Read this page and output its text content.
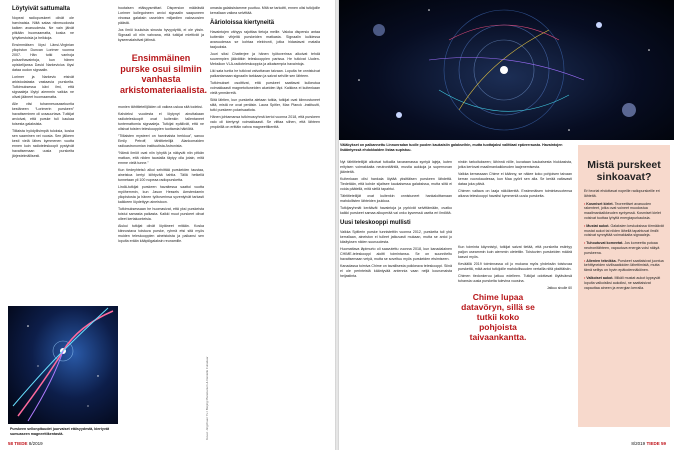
Löytyivät sattumalta

Nopeat radiopurskeet olivät ole harvinaisia. Niitä sataa niinmuodosta kaiken avaruudesta. Ne vain jäivät pitkään huomaamatta, koska ne lyhytkestoisia ja heikkoja.

Ensimmäisen löysi Länsi-Virginian yliopiston Duncan Lorimer vuonna 2007. Hän tutki vanhoja pulsarihavaintoja, kun hänen opiskelijansa David Narkevicius löysi dataa oudon signaalin.

Lorimer ja Narkevic etsivät arkistodatasta vastaavia purskeita. Tutkimuksessa kävi ilmi, että signaaleja löytyi aiemmin vaikka ne olivat jääneet huomaamatta.

Alle viisi tuhannesosasekuntia kestäneen “Lorimerin purskeen” havaitseminen oli uraauurtava. Tutkijat arvioivat, että purske tuli kaukaa toisesta galaksista.

Tiiliaista hyödyllisimpiä tuloksia, koska sen saaminen vei vuosia. Sen jälkeen kesti vielä lähes kymmenen vuotta ennen kuin radioteleskoopit pystyivät havaitsemaan uusia purskeita järjestelmällisesti.

Purskeen sellonpituudet juurvaiset etäisyydestä, kiertyvät sumuaseen magneettikentastä.

hootaisen etäisyysmittari. Dispersion määrästä Lorimer kollegoineen arvioi signaalin saapuneen vinossa galaksin usseiden miljardien valovuosien päästä.

Jos ilmiö kuuluisia sinusta hyvyydyttä, ei ole yksin. Signaali oli niin vahvana, että tutkijat miettivät ja kyseenalaistivat jätinsä.

Ensimmäinen purske osui silmiin vanhasta arkistomateriaalista.

monien tähtitieteilijöiden oli vaikea uskoa sitä todeksi.

Kahdeksi vuodesta ei löytynyt ainuttakaan radioteleskoopit ovat kuitenkin tallentaneet tuntemattomia signaaleja. Tutkijat epäilivät, että ne olisivat toisten teleskooppien tuottamia häiriöitä.

“Tiiliaisten mysteeri on harvinaista herkkua”, sanoo Emily Petroff, tähtitieteilijä Alankomaiden radioastronomian instituutista Astronista.

“Nämä ilmiöt ovat niin lyhyitä ja näkyvät niin pitkän matkan, että niiden taustalla täytyy olla jotain, mitä emme vielä tunne.”

Kun tiedeyhteisö alkoi selvittää purskeiden taustaa, aineistoa kertyi kiihtyvää tahtia. Tällä hetkellä tunnetaan yli 100 nopeaa radiopursketta.

Lindä-tutkijat purskeen havaitessa saattoi vuotta myöhemmin, kun Jason Hessels Amsterdamin yliopistosta ja hänen työtoverinsa syventyivät tarkasti kaikkeen löydettyyn aineistoon.

Tutkimuksessaan he huomasivat, että yksi purskeista toistui samasta paikasta. Kaikki muut purskeet olivat olleet kertaluonteisia.

Alukui tutkijat olivät löytäneet mitään. Koska kiinnostava toistuva purske, ryhmä etsi sitä myös muiden teleskooppien aineistoista ja paikansi sen lopulta erään kääpiögalaksin reunamille.

omasta galaksistamme puuttuu. Mitä se tarkoitti, ennen olisi tutkijoille kerrallaan vaikea selvittää.

Äärioloissa kiertyneitä

Havaintojen vähyys rajoittaa tietoja meille. Valoka dispersio antaa kuitenkin vihjeitä purskeiden matkasta. Signaalin kulkiessa avaruudessa se kohtaa elektronit, jotka hidastavat matalia taajuuksia.

Juuri siksi Chatterjee ja hänen työtoverinsa alkoivat tehdä suurempien jäävätkin teleskooppien parissa. He tutkivat Uuden-Meksikon VLA-radioteleskooppia ja aikaisempia havaintoja.

Liki sata tuntia he tutkivat valvottavan taivaan. Lopulta he onnistuivat paikantamaan signaalin tarkkaan ja saivat selville sen lähteen.

Tutkimukset osoittivat, että purskeet saattavat kulkeutua voimakkaasti magnetoituneiden alueiden läpi. Kaikkea ei kuitenkaan vielä ymmärretä.

Siitä lähtien, kun purskeita aletaan tutkia, tutkijat ovat kiinnostuneet siitä, mistä ne ovat peräisin. Laura Spitler, Max Planck -instituutti, tutki purskeen polarisaatiota.

Hänen johtamansa tutkimusryhmä kertoi vuonna 2018, että purskeen valo oli kiertynyt voimakkaasti. Se viittaa siihen, että lähteen ympärillä on erittäin vahva magneettikenttä.

Kuvat: Jingchuan Yu / Beijing Planetarium & Danielle Futselaar
58 TIEDE 8/2019
Väläbykset on paikannettu Linnunradan tuolle puolen kaukaisiin galakseihin, mutta tuottajaksi valittiaat epäverrausta. Havaintojen lisääntyessä ehdokkaiden listaa supistuu.

Nyt tähtitieteilijät alkoivat tutkailla tavaramassa syntyä lajeja, kuten erityisen voimakkaita neutronitähtiä, mustia aukkoja ja supernovan jäänteitä.

Kuitenkaan olisi hankala löytää yksittäisen purskeen lähdettä. Tiedetään, että kohde sijaitsee kaukaisessa galaksissa, mutta siitä ei voida päätellä, mitä siellä tapahtui.

Tähtitieteilijät ovat kuitenkin onnistuneet hankaloittamaan mahdollisten lähteiden joukkoa.

Tutkijaryhmät keräävät havaintoja ja pyrkivät selvittämään, ovatko kaikki purskeet samaa alkuperää vai onko kyseessä useita eri ilmiöitä.

Uusi teleskooppi mullisti

Vaikka Spitlerin purske tunnistettiin vuonna 2012, purskeita tuli yhä kerrallaan, aineiston ei tulleet jatkuvasti mukaan, mutta se antoi jo käsityksen niiden suuruudesta.

Huomattava läpimurto oli saavutettu vuonna 2018, kun kanadalainen CHIME-teleskooppi aloitti toimintansa. Se on suunniteltu havaitsemaan vetyä, mutta se soveltuu myös purskeiden etsimiseen.

Kanadassa toimiva Chime on tavallisesta poikkeava teleskooppi. Siinä ei ole perinteistä kääntyvää antennia vaan neljä kourumaista heijastinta.

Chime lupaa datavöryn, sillä se tutkii koko pohjoista taivaankantta.

ninkin tarkoitukseen; lähinnä niille, kuvataan kaukaisesta hiukkasista, jotka kertovat maailmankaikkeuden laajenemisesta.

Vaikka kerrassaan Chime ei käänny, se näkee koko pohjoisen taivaan kerran vuorokaudessa, kun Maa pyörii sen alla. Se kerää valtavasti dataa joka päivä.

Chimen valtava on laaja näkökenttä. Ensimmäisen toimintavuotensa aikana teleskooppi havaitsi kymmeniä uusia purskeita.

Kun toiminta käynnistyi, tutkijat saivat tietää, että purskeita esiintyy paljon useammin kuin aiemmin oletettiin. Toistuvien purskeiden määrä kasvoi myös.

Keväällä 2019 toiminnassa oli jo mukana myös yhdeksän toistuvaa purskettä, mikä antoi tutkijoille mahdollisuuden vertailla niitä yksittäisiin.

Chimen tiedonkeruu jatkuu edelleen. Tutkijat odottavat löytävänsä tuhansia uusia purskeita tulevina vuosina.

Jatkuu sivulle 60

Mistä purskeet sinkoavat?
Eri teoriat ehdottavat nopeille radiopurskeille eri lähteitä.
• Kosmiset kielet. Teoreettiset avaruuden rakenteet, jotka ovat voineet muodostua maailmankaikkeuden syntyessä. Kosmiset kielet voisivat tuottaa lyhyitä energiapurkauksia.
• Mustat aukot. Galaksien keskuksissa törmäävät mustat aukot tai niiden lähellä tapahtuvat ilmiöt voisivat synnyttää voimakkaita signaaleja.
• Tuhoutuvat komeetat. Jos komeetta putoaa neutronitähteen, vapautuva energia voisi näkyä purskeena.
• Alienien teknikka. Purskeet saattaisivat juontua kehittyneiden sivilisaatioiden lähettimistä, mutta tämä selitys on hyvin epätodennäköinen.
• Valkoiset aukot. Mikäli mustat aukot kypsyvät lopulta valkoisiksi aukoiksi, ne saattaisivat vapauttaa aineen ja energian kerralla.
8/2019 TIEDE 59
